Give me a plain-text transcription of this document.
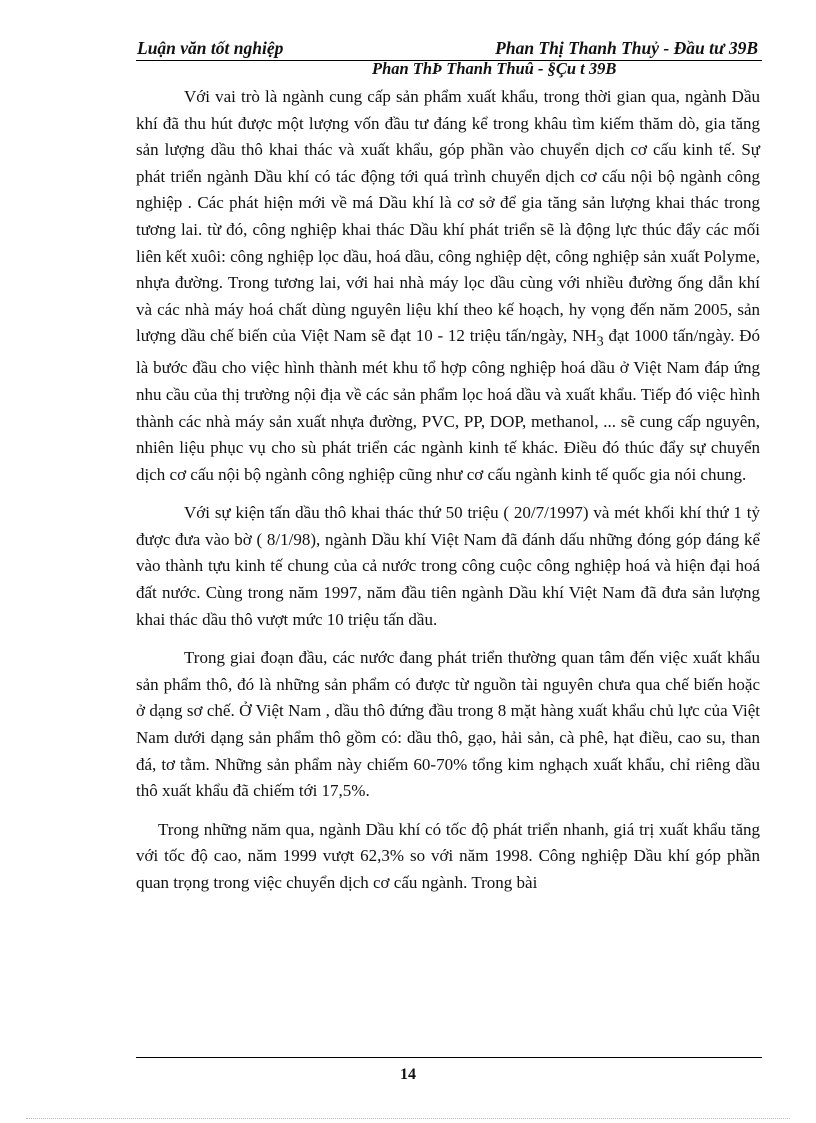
Luận văn tốt nghiệp	Phan Thị Thanh Thuỷ - Đầu tư 39B
Phan ThÞ Thanh Thuû - §Çu t 39B

Với vai trò là ngành cung cấp sản phẩm xuất khẩu, trong thời gian qua, ngành Dầu khí đã thu hút được một lượng vốn đầu tư đáng kể trong khâu tìm kiếm thăm dò, gia tăng sản lượng dầu thô khai thác và xuất khẩu, góp phần vào chuyển dịch cơ cấu kinh tế. Sự phát triển ngành Dầu khí có tác động tới quá trình chuyển dịch cơ cấu nội bộ ngành công nghiệp . Các phát hiện mới về má Dầu khí là cơ sở để gia tăng sản lượng khai thác trong tương lai. từ đó, công nghiệp khai thác Dầu khí phát triển sẽ là động lực thúc đẩy các mối liên kết xuôi: công nghiệp lọc dầu, hoá dầu, công nghiệp dệt, công nghiệp sản xuất Polyme, nhựa đường. Trong tương lai, với hai nhà máy lọc dầu cùng với nhiều đường ống dẫn khí và các nhà máy hoá chất dùng nguyên liệu khí theo kế hoạch, hy vọng đến năm 2005, sản lượng dầu chế biến của Việt Nam sẽ đạt 10 - 12 triệu tấn/ngày, $NH_3$ đạt 1000 tấn/ngày. Đó là bước đầu cho việc hình thành mét khu tổ hợp công nghiệp hoá dầu ở Việt Nam đáp ứng nhu cầu của thị trường nội địa về các sản phẩm lọc hoá dầu và xuất khẩu. Tiếp đó việc hình thành các nhà máy sản xuất nhựa đường, PVC, PP, DOP, methanol, ... sẽ cung cấp nguyên, nhiên liệu phục vụ cho sù phát triển các ngành kinh tế khác. Điều đó thúc đẩy sự chuyển dịch cơ cấu nội bộ ngành công nghiệp cũng như cơ cấu ngành kinh tế quốc gia nói chung.

Với sự kiện tấn dầu thô khai thác thứ 50 triệu ( 20/7/1997) và mét khối khí thứ 1 tỷ được đưa vào bờ ( 8/1/98), ngành Dầu khí Việt Nam đã đánh dấu những đóng góp đáng kể vào thành tựu kinh tế chung của cả nước trong công cuộc công nghiệp hoá và hiện đại hoá đất nước. Cùng trong năm 1997, năm đầu tiên ngành Dầu khí Việt Nam đã đưa sản lượng khai thác dầu thô vượt mức 10 triệu tấn dầu.

Trong giai đoạn đầu, các nước đang phát triển thường quan tâm đến việc xuất khẩu sản phẩm thô, đó là những sản phẩm có được từ nguồn tài nguyên chưa qua chế biến hoặc ở dạng sơ chế. Ở Việt Nam , dầu thô đứng đầu trong 8 mặt hàng xuất khẩu chủ lực của Việt Nam dưới dạng sản phẩm thô gồm có: dầu thô, gạo, hải sản, cà phê, hạt điều, cao su, than đá, tơ tằm. Những sản phẩm này chiếm 60-70% tổng kim nghạch xuất khẩu, chỉ riêng dầu thô xuất khẩu đã chiếm tới 17,5%.

Trong những năm qua, ngành Dầu khí có tốc độ phát triển nhanh, giá trị xuất khẩu tăng với tốc độ cao, năm 1999 vượt 62,3% so với năm 1998. Công nghiệp Dầu khí góp phần quan trọng trong việc chuyển dịch cơ cấu ngành. Trong bài

14
